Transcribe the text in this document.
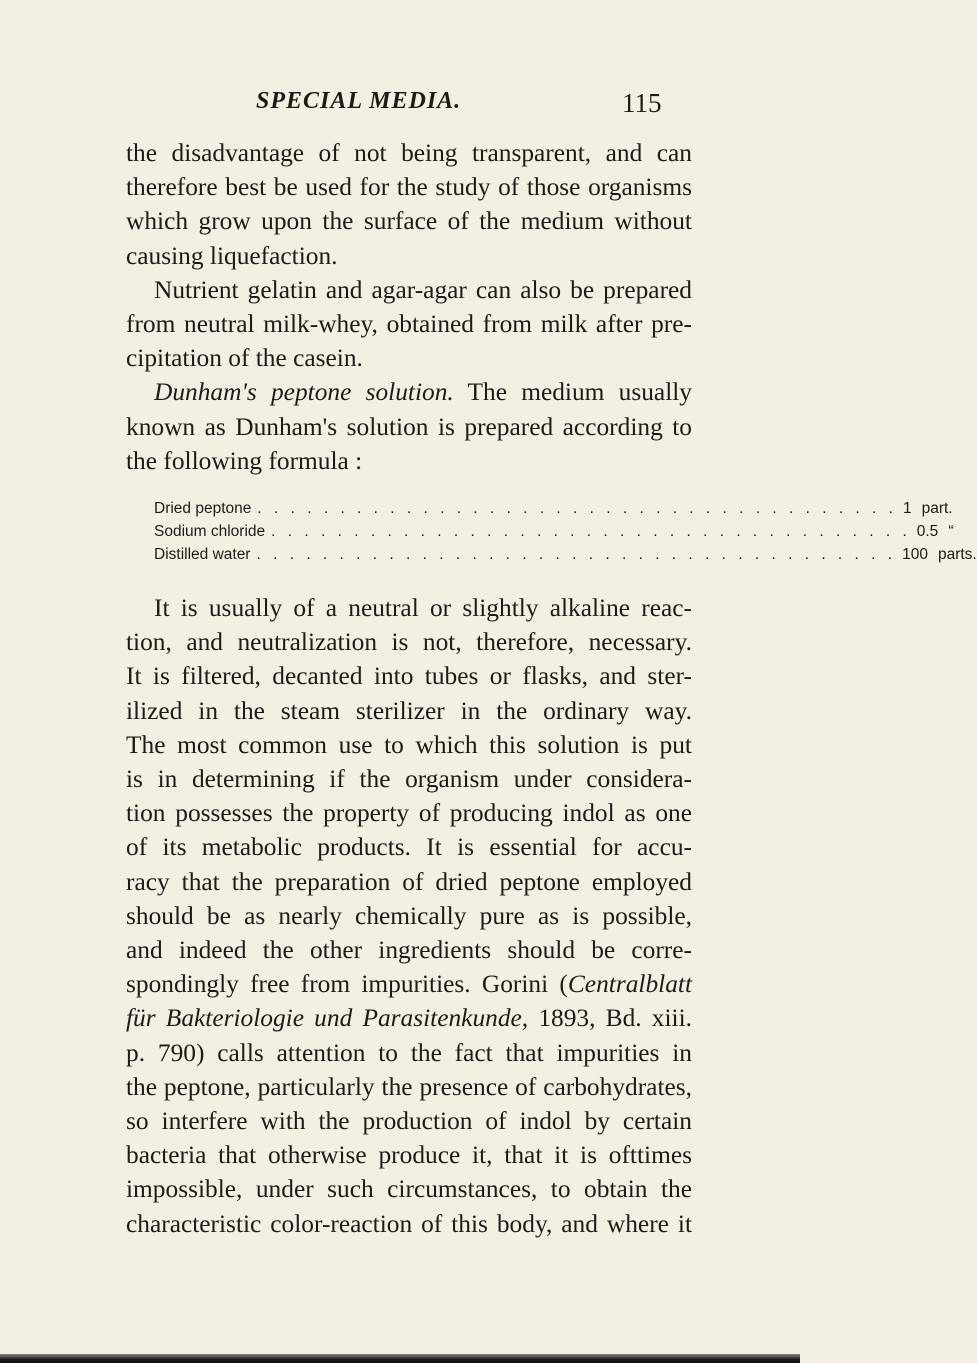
SPECIAL MEDIA.	115

the disadvantage of not being transparent, and can
therefore best be used for the study of those organisms
which grow upon the surface of the medium without
causing liquefaction.

Nutrient gelatin and agar-agar can also be prepared
from neutral milk-whey, obtained from milk after pre-
cipitation of the casein.

Dunham's peptone solution. The medium usually
known as Dunham's solution is prepared according to
the following formula :

Dried peptone . . . . . . . . . . . . . . . . . . . . . . . . . . . . . . . . . . . . . . . 1 part.
Sodium chloride . . . . . . . . . . . . . . . . . . . . . . . . . . . . . . . . . . . . . . . 0.5 “
Distilled water . . . . . . . . . . . . . . . . . . . . . . . . . . . . . . . . . . . . . . . 100 parts.

It is usually of a neutral or slightly alkaline reac-
tion, and neutralization is not, therefore, necessary.
It is filtered, decanted into tubes or flasks, and ster-
ilized in the steam sterilizer in the ordinary way.
The most common use to which this solution is put
is in determining if the organism under considera-
tion possesses the property of producing indol as one
of its metabolic products. It is essential for accu-
racy that the preparation of dried peptone employed
should be as nearly chemically pure as is possible,
and indeed the other ingredients should be corre-
spondingly free from impurities. Gorini (Centralblatt
für Bakteriologie und Parasitenkunde, 1893, Bd. xiii.
p. 790) calls attention to the fact that impurities in
the peptone, particularly the presence of carbohydrates,
so interfere with the production of indol by certain
bacteria that otherwise produce it, that it is ofttimes
impossible, under such circumstances, to obtain the
characteristic color-reaction of this body, and where it
